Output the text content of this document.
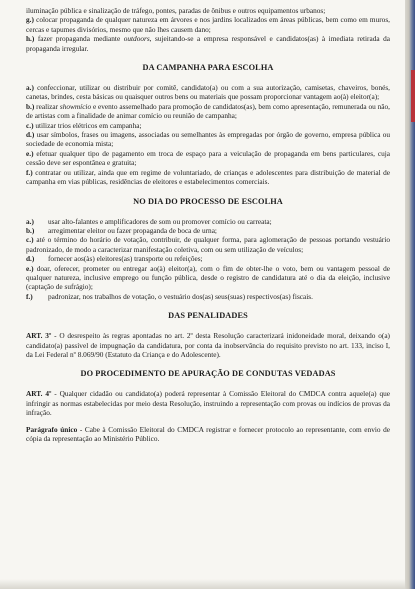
iluminação pública e sinalização de tráfego, pontes, paradas de ônibus e outros equipamentos urbanos;

g.) colocar propaganda de qualquer natureza em árvores e nos jardins localizados em áreas públicas, bem como em muros, cercas e tapumes divisórios, mesmo que não lhes causem dano;

h.) fazer propaganda mediante outdoors, sujeitando-se a empresa responsável e candidatos(as) à imediata retirada da propaganda irregular.

DA CAMPANHA PARA ESCOLHA

a.) confeccionar, utilizar ou distribuir por comitê, candidato(a) ou com a sua autorização, camisetas, chaveiros, bonés, canetas, brindes, cesta básicas ou quaisquer outros bens ou materiais que possam proporcionar vantagem ao(à) eleitor(a);

b.) realizar showmício e evento assemelhado para promoção de candidatos(as), bem como apresentação, remunerada ou não, de artistas com a finalidade de animar comício ou reunião de campanha;

c.) utilizar trios elétricos em campanha;

d.) usar símbolos, frases ou imagens, associadas ou semelhantes às empregadas por órgão de governo, empresa pública ou sociedade de economia mista;

e.) efetuar qualquer tipo de pagamento em troca de espaço para a veiculação de propaganda em bens particulares, cuja cessão deve ser espontânea e gratuita;

f.) contratar ou utilizar, ainda que em regime de voluntariado, de crianças e adolescentes para distribuição de material de campanha em vias públicas, residências de eleitores e estabelecimentos comerciais.

NO DIA DO PROCESSO DE ESCOLHA
a.)	usar alto-falantes e amplificadores de som ou promover comício ou carreata;
b.)	arregimentar eleitor ou fazer propaganda de boca de urna;

c.) até o término do horário de votação, contribuir, de qualquer forma, para aglomeração de pessoas portando vestuário padronizado, de modo a caracterizar manifestação coletiva, com ou sem utilização de veículos;

d.)	fornecer aos(às) eleitores(as) transporte ou refeições;

e.) doar, oferecer, prometer ou entregar ao(à) eleitor(a), com o fim de obter-lhe o voto, bem ou vantagem pessoal de qualquer natureza, inclusive emprego ou função pública, desde o registro de candidatura até o dia da eleição, inclusive (captação de sufrágio);

f.)	padronizar, nos trabalhos de votação, o vestuário dos(as) seus(suas) respectivos(as) fiscais.
DAS PENALIDADES

ART. 3º - O desrespeito às regras apontadas no art. 2º desta Resolução caracterizará inidoneidade moral, deixando o(a) candidato(a) passível de impugnação da candidatura, por conta da inobservância do requisito previsto no art. 133, inciso I, da Lei Federal nº 8.069/90 (Estatuto da Criança e do Adolescente).

DO PROCEDIMENTO DE APURAÇÃO DE CONDUTAS VEDADAS

ART. 4º - Qualquer cidadão ou candidato(a) poderá representar à Comissão Eleitoral do CMDCA contra aquele(a) que infringir as normas estabelecidas por meio desta Resolução, instruindo a representação com provas ou indícios de provas da infração.

Parágrafo único - Cabe à Comissão Eleitoral do CMDCA registrar e fornecer protocolo ao representante, com envio de cópia da representação ao Ministério Público.
